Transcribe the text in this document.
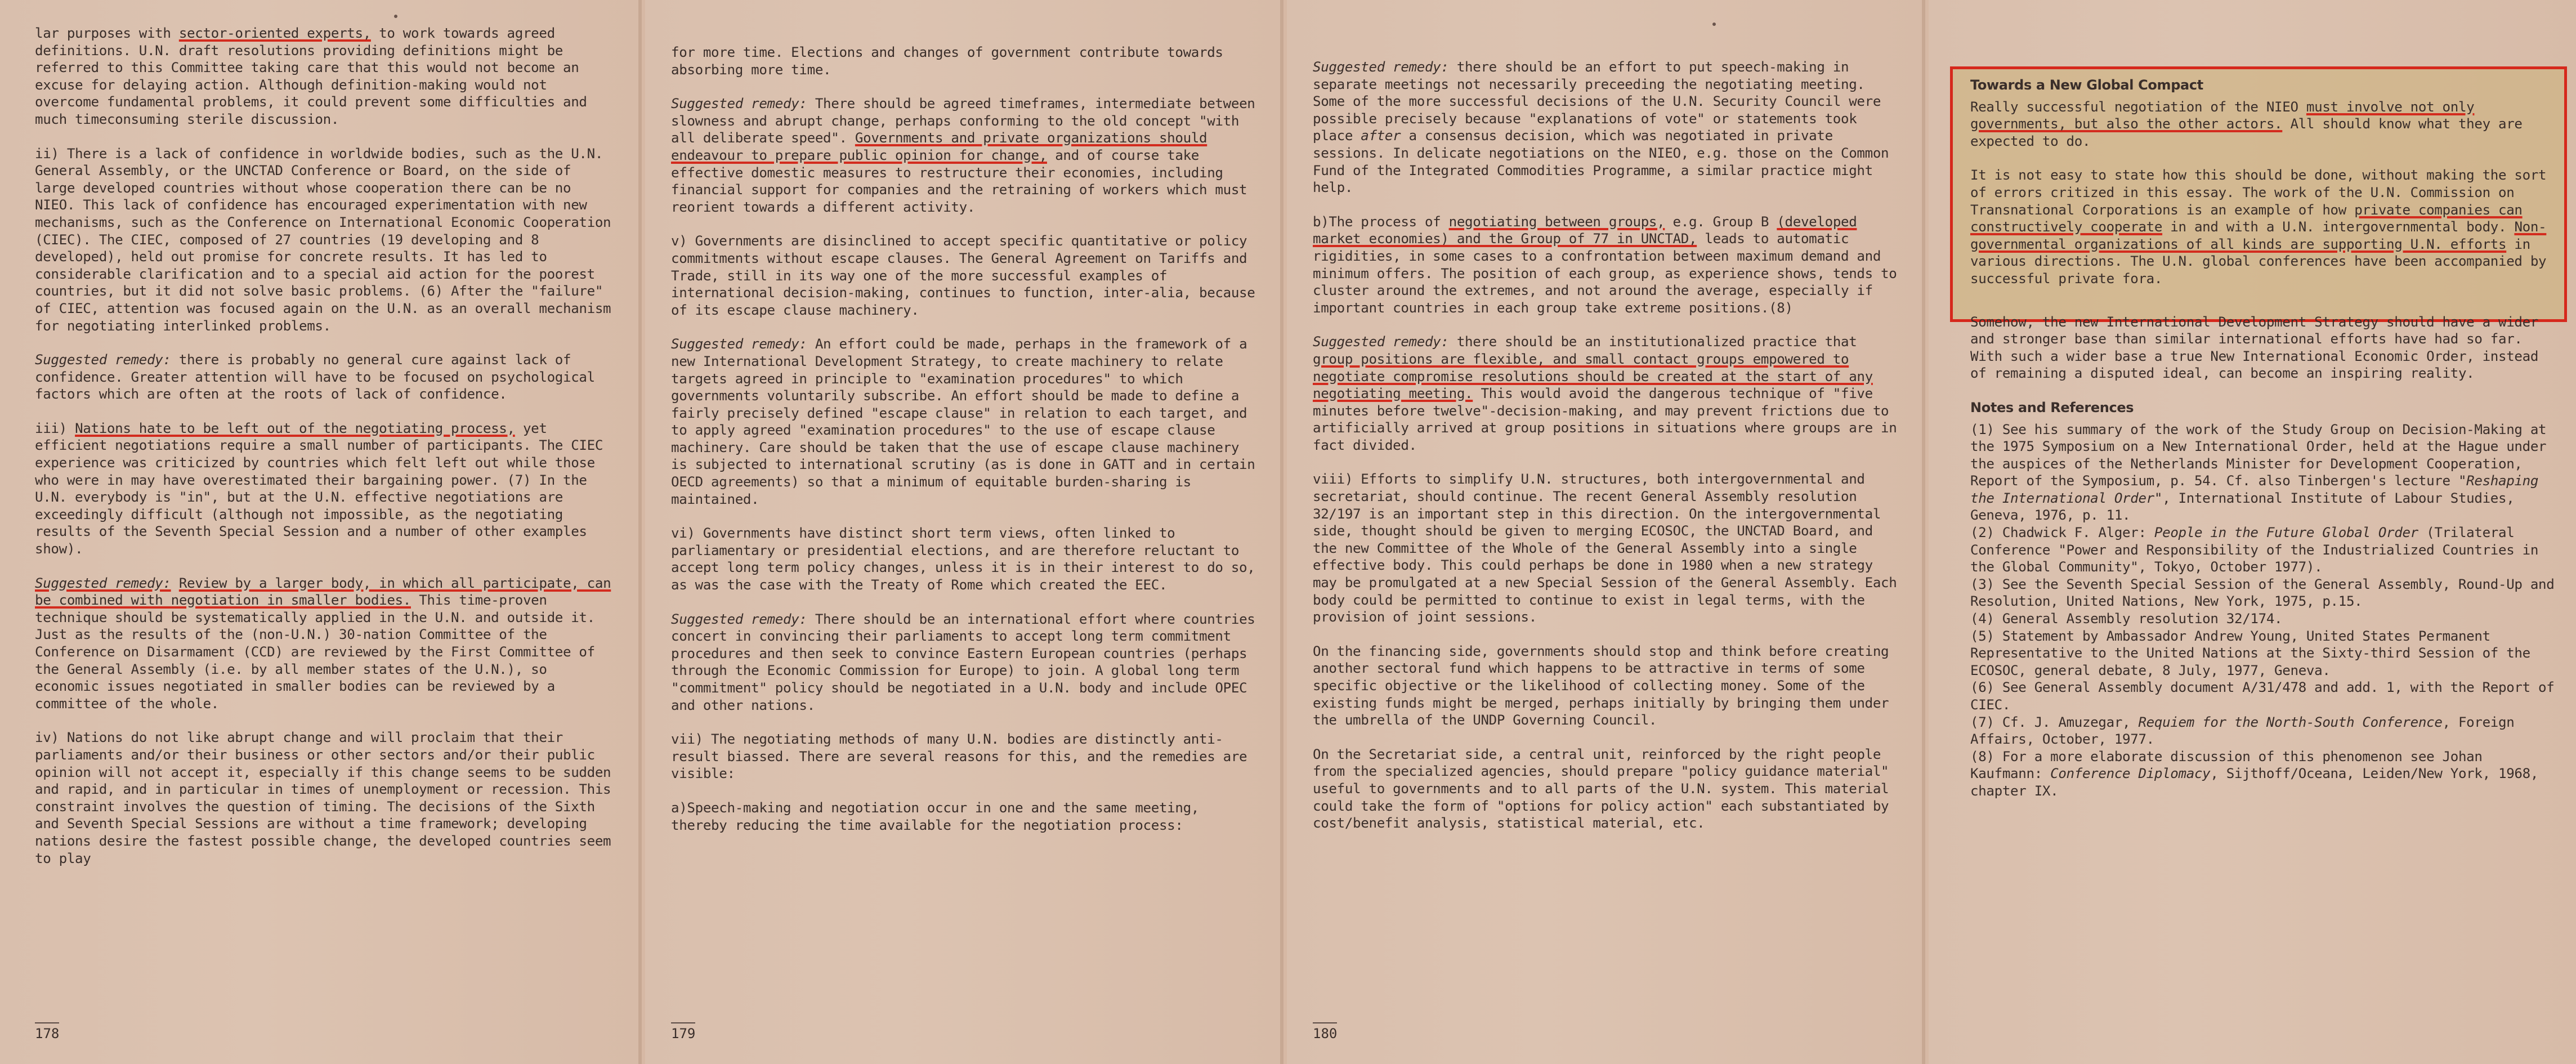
lar purposes with sector-oriented experts, to work towards agreed definitions. U.N. draft resolutions providing definitions might be referred to this Committee taking care that this would not become an excuse for delaying action. Although definition-making would not overcome fundamental problems, it could prevent some difficulties and much timeconsuming sterile discussion.

ii) There is a lack of confidence in worldwide bodies, such as the U.N. General Assembly, or the UNCTAD Conference or Board, on the side of large developed countries without whose cooperation there can be no NIEO. This lack of confidence has encouraged experimentation with new mechanisms, such as the Conference on International Economic Cooperation (CIEC). The CIEC, composed of 27 countries (19 developing and 8 developed), held out promise for concrete results. It has led to considerable clarification and to a special aid action for the poorest countries, but it did not solve basic problems. (6) After the "failure" of CIEC, attention was focused again on the U.N. as an overall mechanism for negotiating interlinked problems.

Suggested remedy: there is probably no general cure against lack of confidence. Greater attention will have to be focused on psychological factors which are often at the roots of lack of confidence.

iii) Nations hate to be left out of the negotiating process, yet efficient negotiations require a small number of participants. The CIEC experience was criticized by countries which felt left out while those who were in may have overestimated their bargaining power. (7) In the U.N. everybody is "in", but at the U.N. effective negotiations are exceedingly difficult (although not impossible, as the negotiating results of the Seventh Special Session and a number of other examples show).

Suggested remedy: Review by a larger body, in which all participate, can be combined with negotiation in smaller bodies. This time-proven technique should be systematically applied in the U.N. and outside it. Just as the results of the (non-U.N.) 30-nation Committee of the Conference on Disarmament (CCD) are reviewed by the First Committee of the General Assembly (i.e. by all member states of the U.N.), so economic issues negotiated in smaller bodies can be reviewed by a committee of the whole.

iv) Nations do not like abrupt change and will proclaim that their parliaments and/or their business or other sectors and/or their public opinion will not accept it, especially if this change seems to be sudden and rapid, and in particular in times of unemployment or recession. This constraint involves the question of timing. The decisions of the Sixth and Seventh Special Sessions are without a time framework; developing nations desire the fastest possible change, the developed countries seem to play

178

for more time. Elections and changes of government contribute towards absorbing more time.

Suggested remedy: There should be agreed timeframes, intermediate between slowness and abrupt change, perhaps conforming to the old concept "with all deliberate speed". Governments and private organizations should endeavour to prepare public opinion for change, and of course take effective domestic measures to restructure their economies, including financial support for companies and the retraining of workers which must reorient towards a different activity.

v) Governments are disinclined to accept specific quantitative or policy commitments without escape clauses. The General Agreement on Tariffs and Trade, still in its way one of the more successful examples of international decision-making, continues to function, inter-alia, because of its escape clause machinery.

Suggested remedy: An effort could be made, perhaps in the framework of a new International Development Strategy, to create machinery to relate targets agreed in principle to "examination procedures" to which governments voluntarily subscribe. An effort should be made to define a fairly precisely defined "escape clause" in relation to each target, and to apply agreed "examination procedures" to the use of escape clause machinery. Care should be taken that the use of escape clause machinery is subjected to international scrutiny (as is done in GATT and in certain OECD agreements) so that a minimum of equitable burden-sharing is maintained.

vi) Governments have distinct short term views, often linked to parliamentary or presidential elections, and are therefore reluctant to accept long term policy changes, unless it is in their interest to do so, as was the case with the Treaty of Rome which created the EEC.

Suggested remedy: There should be an international effort where countries concert in convincing their parliaments to accept long term commitment procedures and then seek to convince Eastern European countries (perhaps through the Economic Commission for Europe) to join. A global long term "commitment" policy should be negotiated in a U.N. body and include OPEC and other nations.

vii) The negotiating methods of many U.N. bodies are distinctly anti-result biassed. There are several reasons for this, and the remedies are visible:

a)Speech-making and negotiation occur in one and the same meeting, thereby reducing the time available for the negotiation process:

179

Suggested remedy: there should be an effort to put speech-making in separate meetings not necessarily preceeding the negotiating meeting. Some of the more successful decisions of the U.N. Security Council were possible precisely because "explanations of vote" or statements took place after a consensus decision, which was negotiated in private sessions. In delicate negotiations on the NIEO, e.g. those on the Common Fund of the Integrated Commodities Programme, a similar practice might help.

b)The process of negotiating between groups, e.g. Group B (developed market economies) and the Group of 77 in UNCTAD, leads to automatic rigidities, in some cases to a confrontation between maximum demand and minimum offers. The position of each group, as experience shows, tends to cluster around the extremes, and not around the average, especially if important countries in each group take extreme positions.(8)

Suggested remedy: there should be an institutionalized practice that group positions are flexible, and small contact groups empowered to negotiate compromise resolutions should be created at the start of any negotiating meeting. This would avoid the dangerous technique of "five minutes before twelve"-decision-making, and may prevent frictions due to artificially arrived at group positions in situations where groups are in fact divided.

viii) Efforts to simplify U.N. structures, both intergovernmental and secretariat, should continue. The recent General Assembly resolution 32/197 is an important step in this direction. On the intergovernmental side, thought should be given to merging ECOSOC, the UNCTAD Board, and the new Committee of the Whole of the General Assembly into a single effective body. This could perhaps be done in 1980 when a new strategy may be promulgated at a new Special Session of the General Assembly. Each body could be permitted to continue to exist in legal terms, with the provision of joint sessions.

On the financing side, governments should stop and think before creating another sectoral fund which happens to be attractive in terms of some specific objective or the likelihood of collecting money. Some of the existing funds might be merged, perhaps initially by bringing them under the umbrella of the UNDP Governing Council.

On the Secretariat side, a central unit, reinforced by the right people from the specialized agencies, should prepare "policy guidance material" useful to governments and to all parts of the U.N. system. This material could take the form of "options for policy action" each substantiated by cost/benefit analysis, statistical material, etc.

180

Towards a New Global Compact

Really successful negotiation of the NIEO must involve not only governments, but also the other actors. All should know what they are expected to do.

It is not easy to state how this should be done, without making the sort of errors critized in this essay. The work of the U.N. Commission on Transnational Corporations is an example of how private companies can constructively cooperate in and with a U.N. intergovernmental body. Non-governmental organizations of all kinds are supporting U.N. efforts in various directions. The U.N. global conferences have been accompanied by successful private fora.

Somehow, the new International Development Strategy should have a wider and stronger base than similar international efforts have had so far. With such a wider base a true New International Economic Order, instead of remaining a disputed ideal, can become an inspiring reality.

Notes and References

(1) See his summary of the work of the Study Group on Decision-Making at the 1975 Symposium on a New International Order, held at the Hague under the auspices of the Netherlands Minister for Development Cooperation, Report of the Symposium, p. 54. Cf. also Tinbergen's lecture "Reshaping the International Order", International Institute of Labour Studies, Geneva, 1976, p. 11.

(2) Chadwick F. Alger: People in the Future Global Order (Trilateral Conference "Power and Responsibility of the Industrialized Countries in the Global Community", Tokyo, October 1977).

(3) See the Seventh Special Session of the General Assembly, Round-Up and Resolution, United Nations, New York, 1975, p.15.

(4) General Assembly resolution 32/174.

(5) Statement by Ambassador Andrew Young, United States Permanent Representative to the United Nations at the Sixty-third Session of the ECOSOC, general debate, 8 July, 1977, Geneva.

(6) See General Assembly document A/31/478 and add. 1, with the Report of CIEC.

(7) Cf. J. Amuzegar, Requiem for the North-South Conference, Foreign Affairs, October, 1977.

(8) For a more elaborate discussion of this phenomenon see Johan Kaufmann: Conference Diplomacy, Sijthoff/Oceana, Leiden/New York, 1968, chapter IX.
